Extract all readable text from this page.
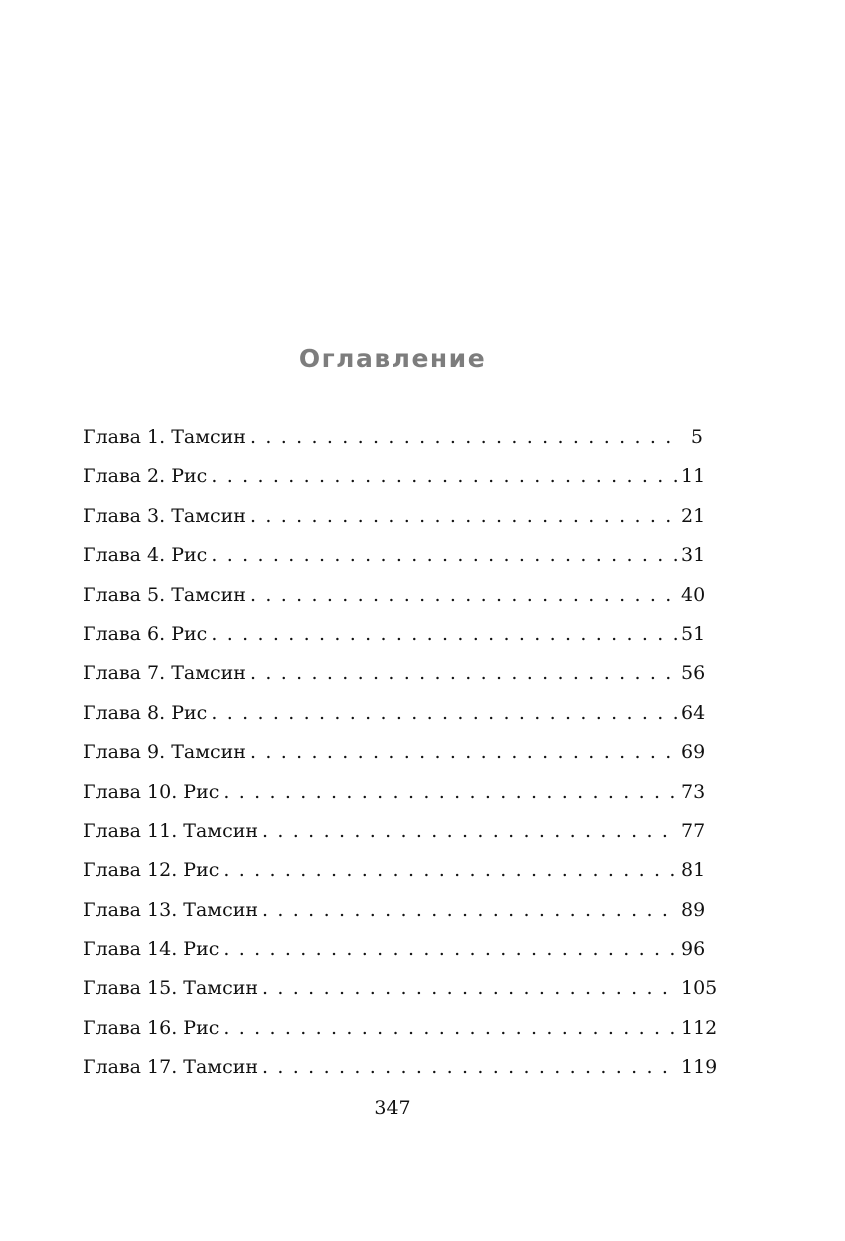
Оглавление
Глава 1. Тамсин . . .	5
Глава 2. Рис . . .	11
Глава 3. Тамсин . . .	21
Глава 4. Рис . . .	31
Глава 5. Тамсин . . .	40
Глава 6. Рис . . .	51
Глава 7. Тамсин . . .	56
Глава 8. Рис . . .	64
Глава 9. Тамсин . . .	69
Глава 10. Рис . . .	73
Глава 11. Тамсин . . .	77
Глава 12. Рис . . .	81
Глава 13. Тамсин . . .	89
Глава 14. Рис . . .	96
Глава 15. Тамсин . . .	105
Глава 16. Рис . . .	112
Глава 17. Тамсин . . .	119
347
